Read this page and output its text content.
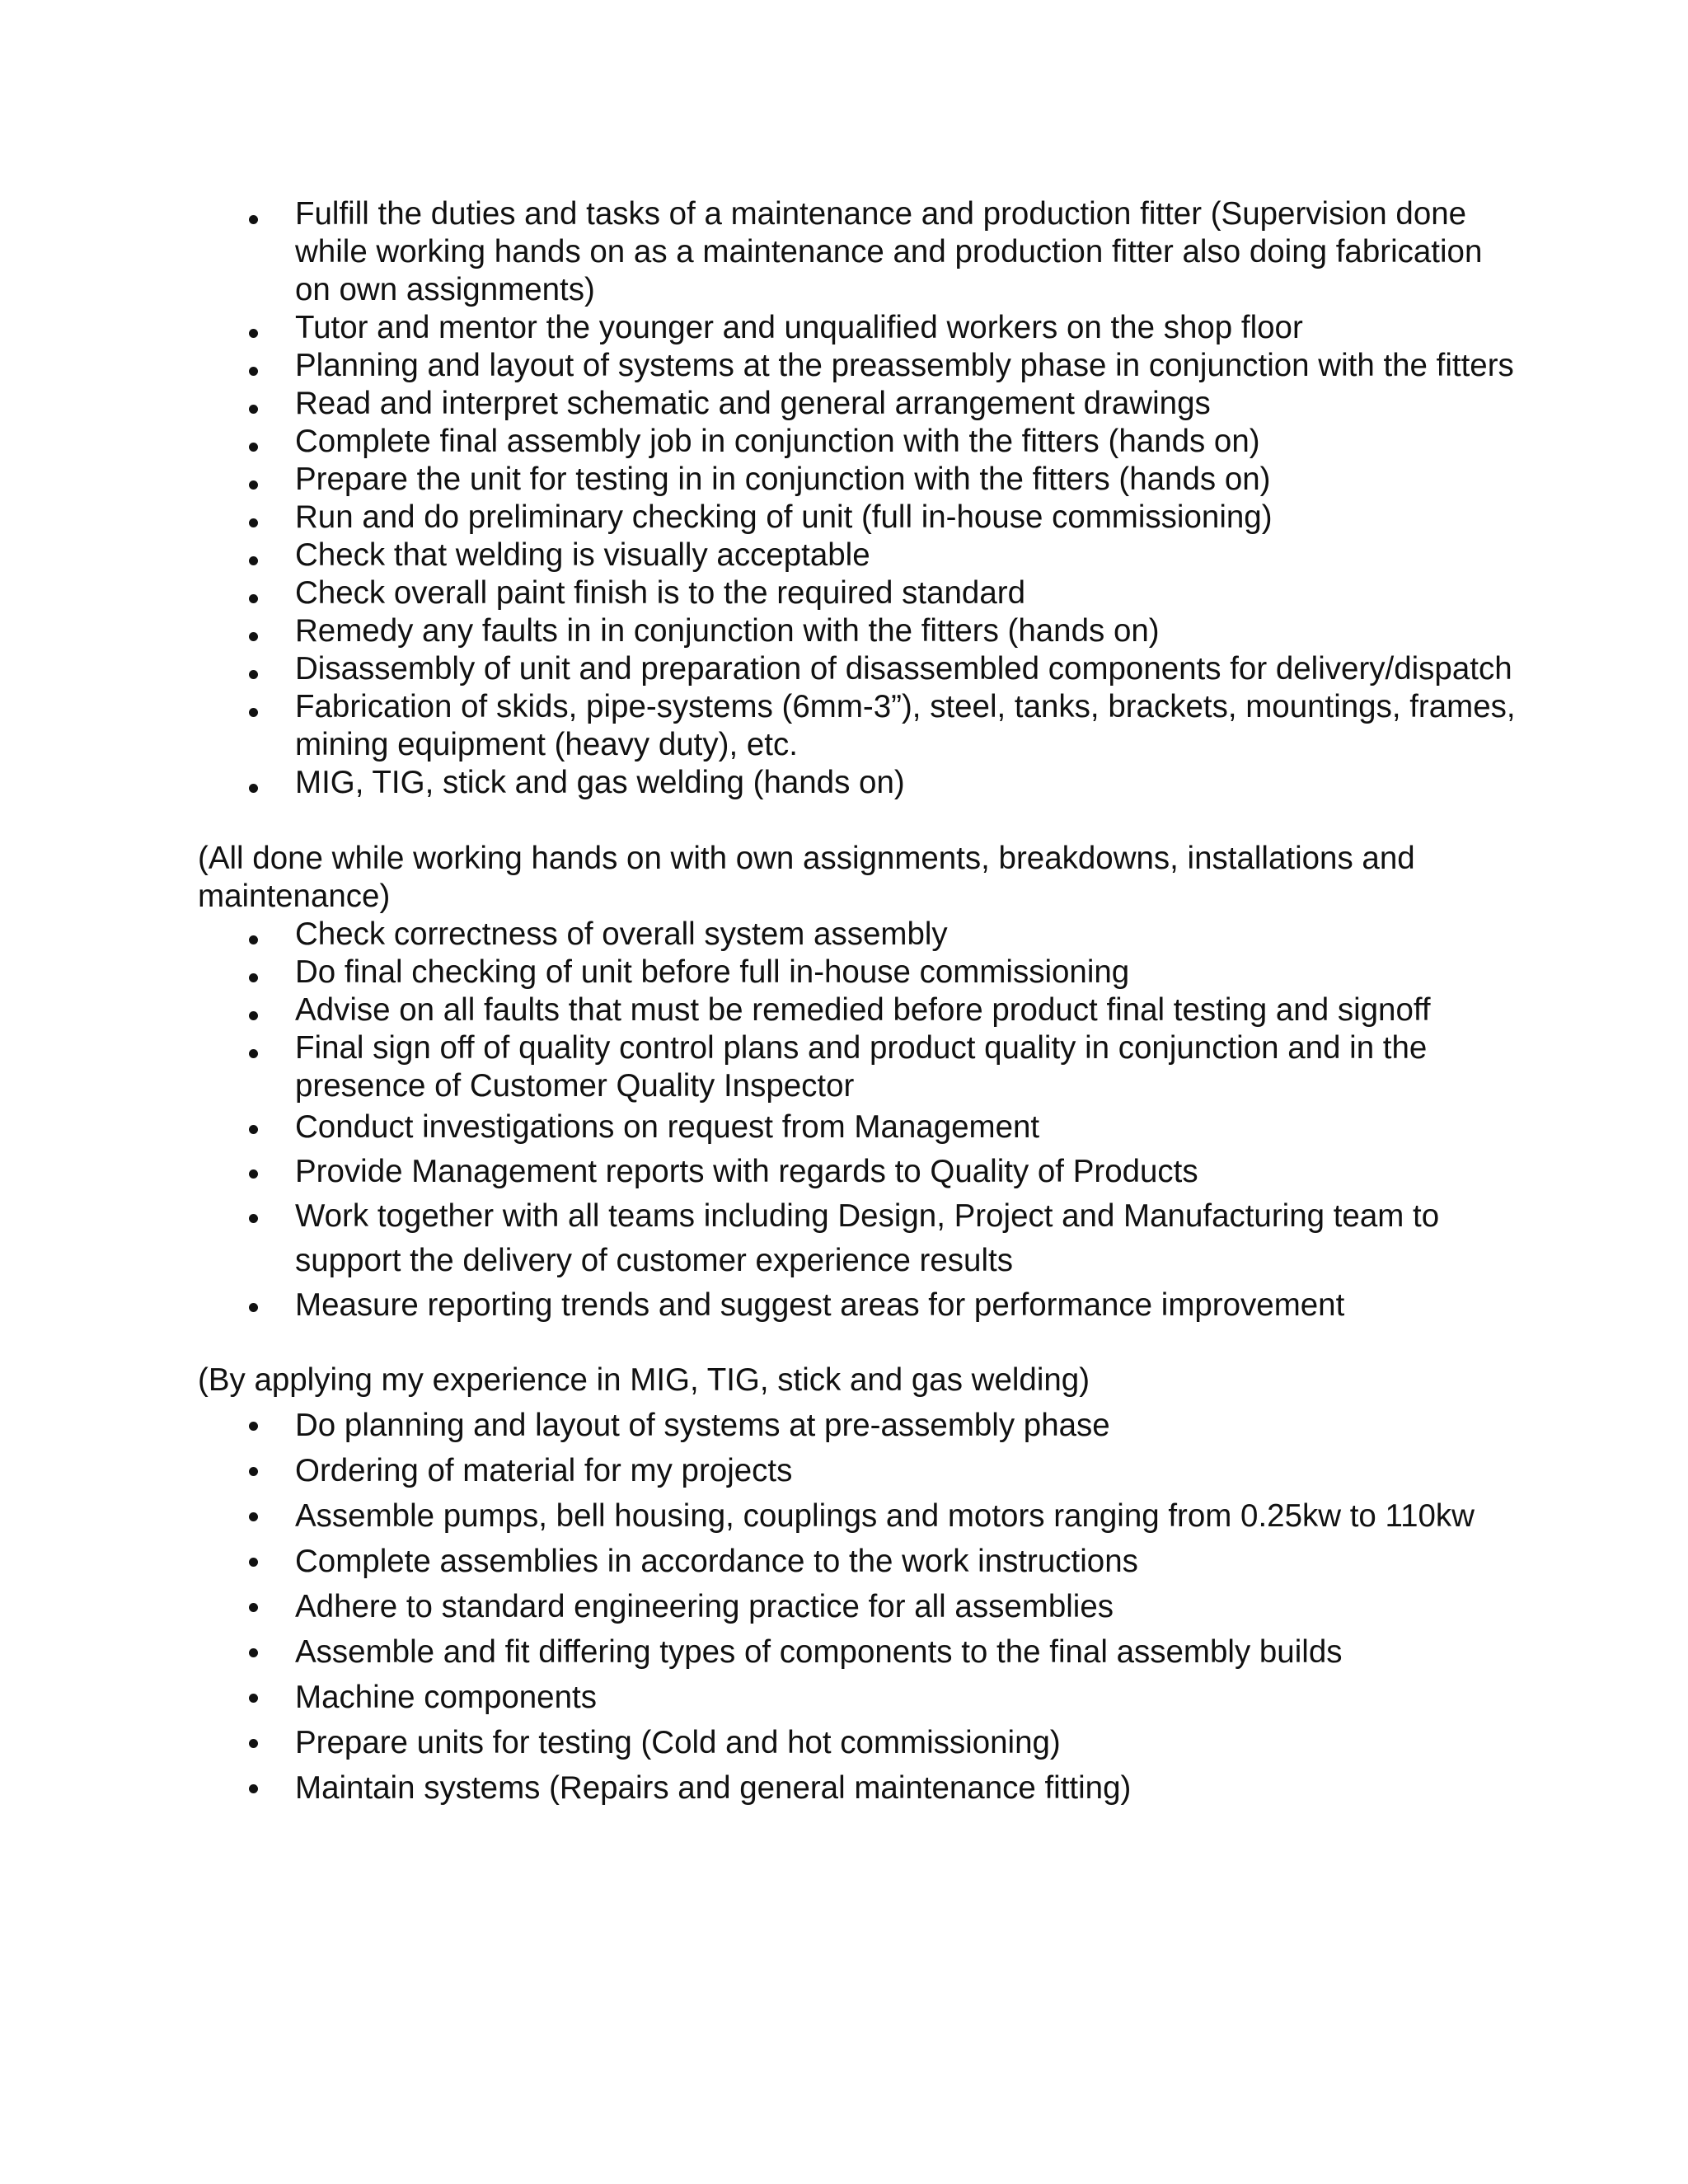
Fulfill the duties and tasks of a maintenance and production fitter (Supervision done while working hands on as a maintenance and production fitter also doing fabrication on own assignments)
Tutor and mentor the younger and unqualified workers on the shop floor
Planning and layout of systems at the preassembly phase in conjunction with the fitters
Read and interpret schematic and general arrangement drawings
Complete final assembly job in conjunction with the fitters (hands on)
Prepare the unit for testing in in conjunction with the fitters (hands on)
Run and do preliminary checking of unit (full in-house commissioning)
Check that welding is visually acceptable
Check overall paint finish is to the required standard
Remedy any faults in in conjunction with the fitters (hands on)
Disassembly of unit and preparation of disassembled components for delivery/dispatch
Fabrication of skids, pipe-systems (6mm-3”), steel, tanks, brackets, mountings, frames, mining equipment (heavy duty), etc.
MIG, TIG, stick and gas welding (hands on)

(All done while working hands on with own assignments, breakdowns, installations and maintenance)

Check correctness of overall system assembly
Do final checking of unit before full in-house commissioning
Advise on all faults that must be remedied before product final testing and signoff
Final sign off of quality control plans and product quality in conjunction and in the presence of Customer Quality Inspector
Conduct investigations on request from Management
Provide Management reports with regards to Quality of Products
Work together with all teams including Design, Project and Manufacturing team to support the delivery of customer experience results
Measure reporting trends and suggest areas for performance improvement

(By applying my experience in MIG, TIG, stick and gas welding)

Do planning and layout of systems at pre-assembly phase
Ordering of material for my projects
Assemble pumps, bell housing, couplings and motors ranging from 0.25kw to 110kw
Complete assemblies in accordance to the work instructions
Adhere to standard engineering practice for all assemblies
Assemble and fit differing types of components to the final assembly builds
Machine components
Prepare units for testing (Cold and hot commissioning)
Maintain systems (Repairs and general maintenance fitting)
